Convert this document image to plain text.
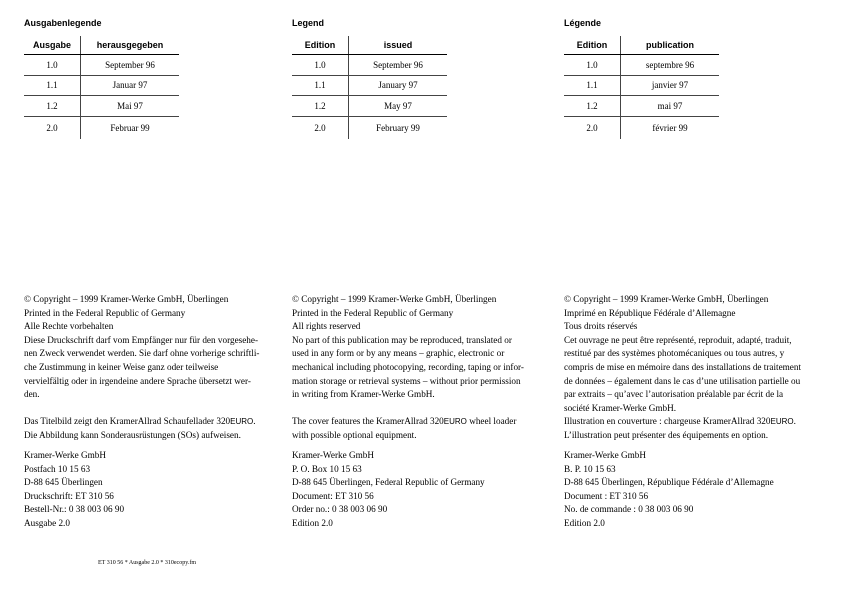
Ausgabenlegende
Ausgabe	herausgegeben
1.0	September 96
1.1	Januar 97
1.2	Mai 97
2.0	Februar 99
© Copyright – 1999 Kramer-Werke GmbH, Überlingen
Printed in the Federal Republic of Germany
Alle Rechte vorbehalten
Diese Druckschrift darf vom Empfänger nur für den vorgesehe-
nen Zweck verwendet werden. Sie darf ohne vorherige schriftli-
che Zustimmung in keiner Weise ganz oder teilweise
vervielfältig oder in irgendeine andere Sprache übersetzt wer-
den.

Das Titelbild zeigt den KramerAllrad Schaufellader 320EURO.
Die Abbildung kann Sonderausrüstungen (SOs) aufweisen.
Kramer-Werke GmbH
Postfach 10 15 63
D-88 645 Überlingen
Druckschrift: ET 310 56
Bestell-Nr.: 0 38 003 06 90
Ausgabe 2.0
Legend
Edition	issued
1.0	September 96
1.1	January 97
1.2	May 97
2.0	February 99
© Copyright – 1999 Kramer-Werke GmbH, Überlingen
Printed in the Federal Republic of Germany
All rights reserved
No part of this publication may be reproduced, translated or
used in any form or by any means – graphic, electronic or
mechanical including photocopying, recording, taping or infor-
mation storage or retrieval systems – without prior permission
in writing from Kramer-Werke GmbH.

The cover features the KramerAllrad 320EURO wheel loader
with possible optional equipment.
Kramer-Werke GmbH
P. O. Box 10 15 63
D-88 645 Überlingen, Federal Republic of Germany
Document: ET 310 56
Order no.: 0 38 003 06 90
Edition 2.0
Légende
Edition	publication
1.0	septembre 96
1.1	janvier 97
1.2	mai 97
2.0	février 99
© Copyright – 1999 Kramer-Werke GmbH, Überlingen
Imprimé en République Fédérale d’Allemagne
Tous droits réservés
Cet ouvrage ne peut être représenté, reproduit, adapté, traduit,
restitué par des systèmes photomécaniques ou tous autres, y
compris de mise en mémoire dans des installations de traitement
de données – également dans le cas d’une utilisation partielle ou
par extraits – qu’avec l’autorisation préalable par écrit de la
société Kramer-Werke GmbH.
Illustration en couverture : chargeuse KramerAllrad 320EURO.
L’illustration peut présenter des équipements en option.
Kramer-Werke GmbH
B. P. 10 15 63
D-88 645 Überlingen, République Fédérale d’Allemagne
Document : ET 310 56
No. de commande : 0 38 003 06 90
Edition 2.0
ET 310 56 * Ausgabe 2.0 * 310ecopy.fm
